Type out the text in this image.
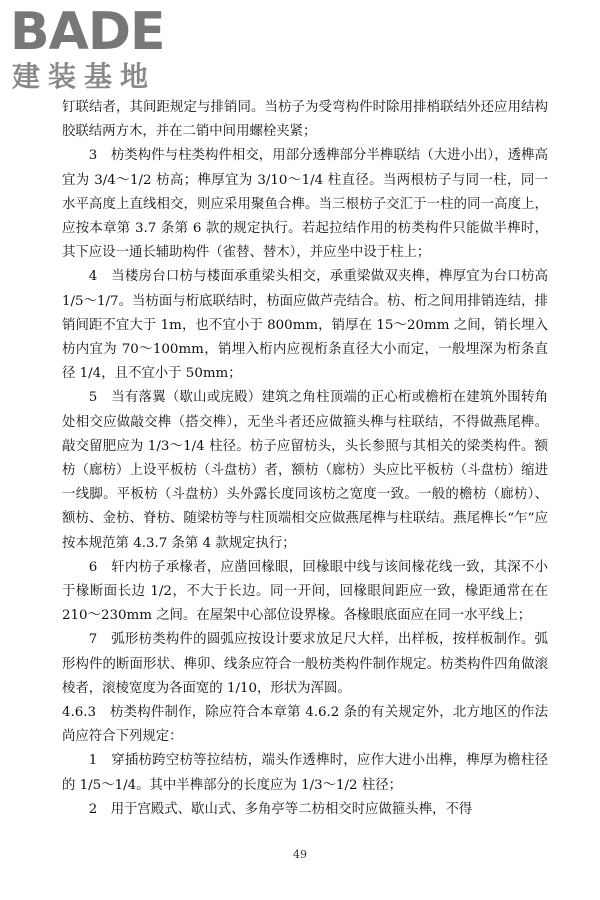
BADE
建装基地

钉联结者，其间距规定与排销同。当枋子为受弯构件时除用排梢联结外还应用结构胶联结两方木，并在二销中间用螺栓夹紧；

3　枋类构件与柱类构件相交，用部分透榫部分半榫联结（大进小出），透榫高宜为 3/4～1/2 枋高；榫厚宜为 3/10～1/4 柱直径。当两根枋子与同一柱，同一水平高度上直线相交，则应采用聚鱼合榫。当三根枋子交汇于一柱的同一高度上，应按本章第 3.7 条第 6 款的规定执行。若起拉结作用的枋类构件只能做半榫时，其下应设一通长辅助构件（雀替、替木），并应坐中设于柱上；

4　当楼房台口枋与楼面承重梁头相交，承重梁做双夹榫，榫厚宜为台口枋高 1/5～1/7。当枋面与桁底联结时，枋面应做芦壳结合。枋、桁之间用排销连结，排销间距不宜大于 1m，也不宜小于 800mm，销厚在 15～20mm 之间，销长埋入枋内宜为 70～100mm，销埋入桁内应视桁条直径大小而定，一般埋深为桁条直径 1/4，且不宜小于 50mm；

5　当有落翼（歇山或庑殿）建筑之角柱顶端的正心桁或檐桁在建筑外围转角处相交应做敲交榫（搭交榫），无坐斗者还应做箍头榫与柱联结，不得做燕尾榫。敲交留肥应为 1/3～1/4 柱径。枋子应留枋头，头长参照与其相关的梁类构件。额枋（廊枋）上设平板枋（斗盘枋）者，额枋（廊枋）头应比平板枋（斗盘枋）缩进一线脚。平板枋（斗盘枋）头外露长度同该枋之宽度一致。一般的檐枋（廊枋）、额枋、金枋、脊枋、随梁枋等与柱顶端相交应做燕尾榫与柱联结。燕尾榫长“乍”应按本规范第 4.3.7 条第 4 款规定执行；

6　轩内枋子承椽者，应凿回椽眼，回椽眼中线与该间椽花线一致，其深不小于椽断面长边 1/2，不大于长边。同一开间，回椽眼间距应一致，椽距通常在在 210～230mm 之间。在屋架中心部位设界椽。各椽眼底面应在同一水平线上；

7　弧形枋类构件的圆弧应按设计要求放足尺大样，出样板，按样板制作。弧形构件的断面形状、榫卯、线条应符合一般枋类构件制作规定。枋类构件四角做滚棱者，滚棱宽度为各面宽的 1/10，形状为浑圆。

4.6.3　枋类构件制作，除应符合本章第 4.6.2 条的有关规定外，北方地区的作法尚应符合下列规定：

1　穿插枋跨空枋等拉结枋，端头作透榫时，应作大进小出榫，榫厚为檐柱径的 1/5～1/4。其中半榫部分的长度应为 1/3～1/2 柱径；

2　用于宫殿式、歇山式、多角亭等二枋相交时应做箍头榫，不得

49
